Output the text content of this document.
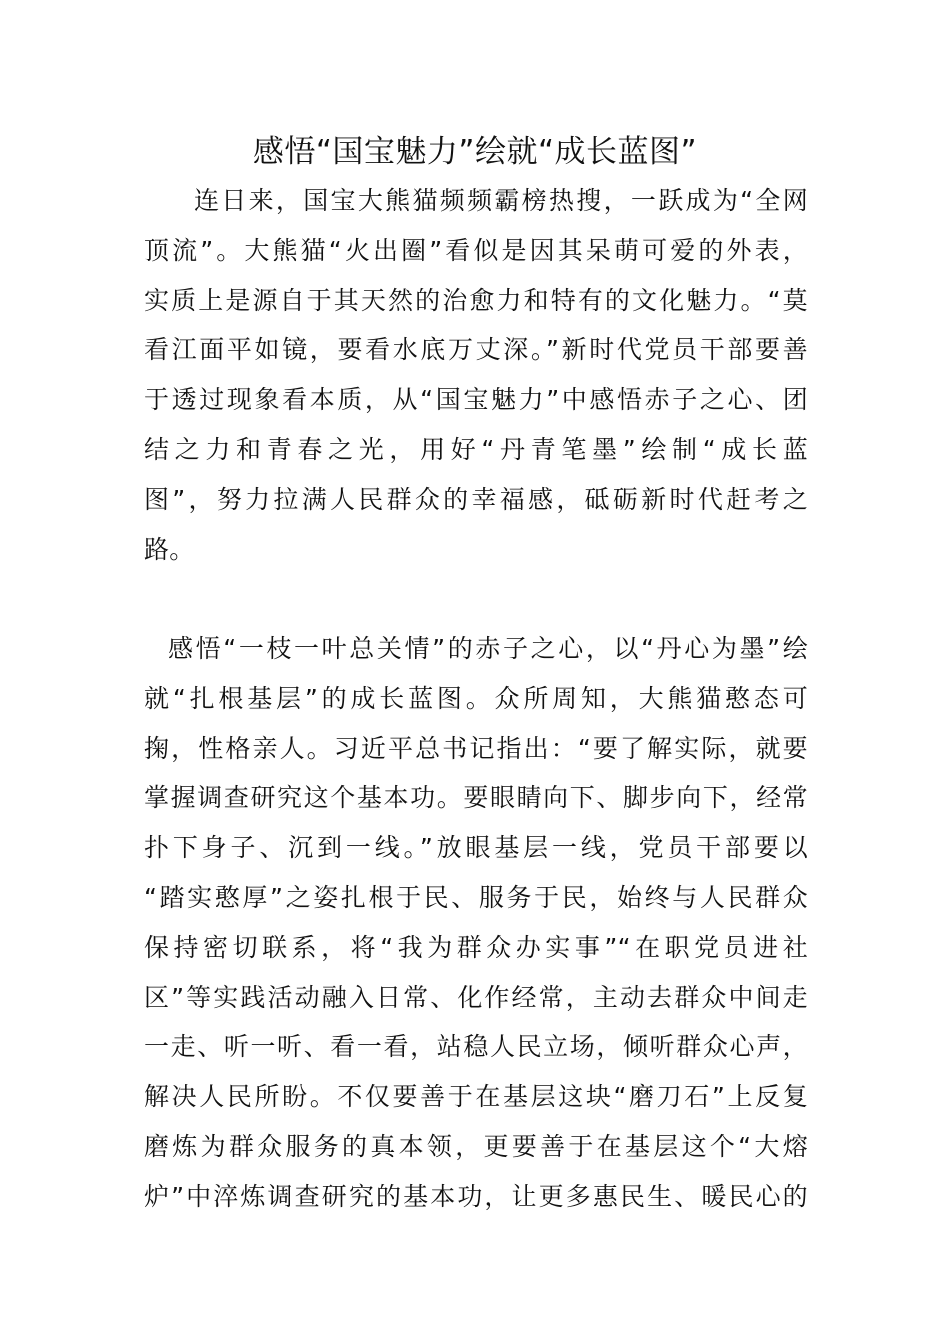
感悟“国宝魅力”绘就“成长蓝图”
连日来，国宝大熊猫频频霸榜热搜，一跃成为“全网
顶流”。大熊猫“火出圈”看似是因其呆萌可爱的外表，
实质上是源自于其天然的治愈力和特有的文化魅力。“莫
看江面平如镜，要看水底万丈深。”新时代党员干部要善
于透过现象看本质，从“国宝魅力”中感悟赤子之心、团
结之力和青春之光，用好“丹青笔墨”绘制“成长蓝
图”，努力拉满人民群众的幸福感，砥砺新时代赶考之
路。
感悟“一枝一叶总关情”的赤子之心，以“丹心为墨”绘
就“扎根基层”的成长蓝图。众所周知，大熊猫憨态可
掬，性格亲人。习近平总书记指出：“要了解实际，就要
掌握调查研究这个基本功。要眼睛向下、脚步向下，经常
扑下身子、沉到一线。”放眼基层一线，党员干部要以
“踏实憨厚”之姿扎根于民、服务于民，始终与人民群众
保持密切联系，将“我为群众办实事”“在职党员进社
区”等实践活动融入日常、化作经常，主动去群众中间走
一走、听一听、看一看，站稳人民立场，倾听群众心声，
解决人民所盼。不仅要善于在基层这块“磨刀石”上反复
磨炼为群众服务的真本领，更要善于在基层这个“大熔
炉”中淬炼调查研究的基本功，让更多惠民生、暖民心的
